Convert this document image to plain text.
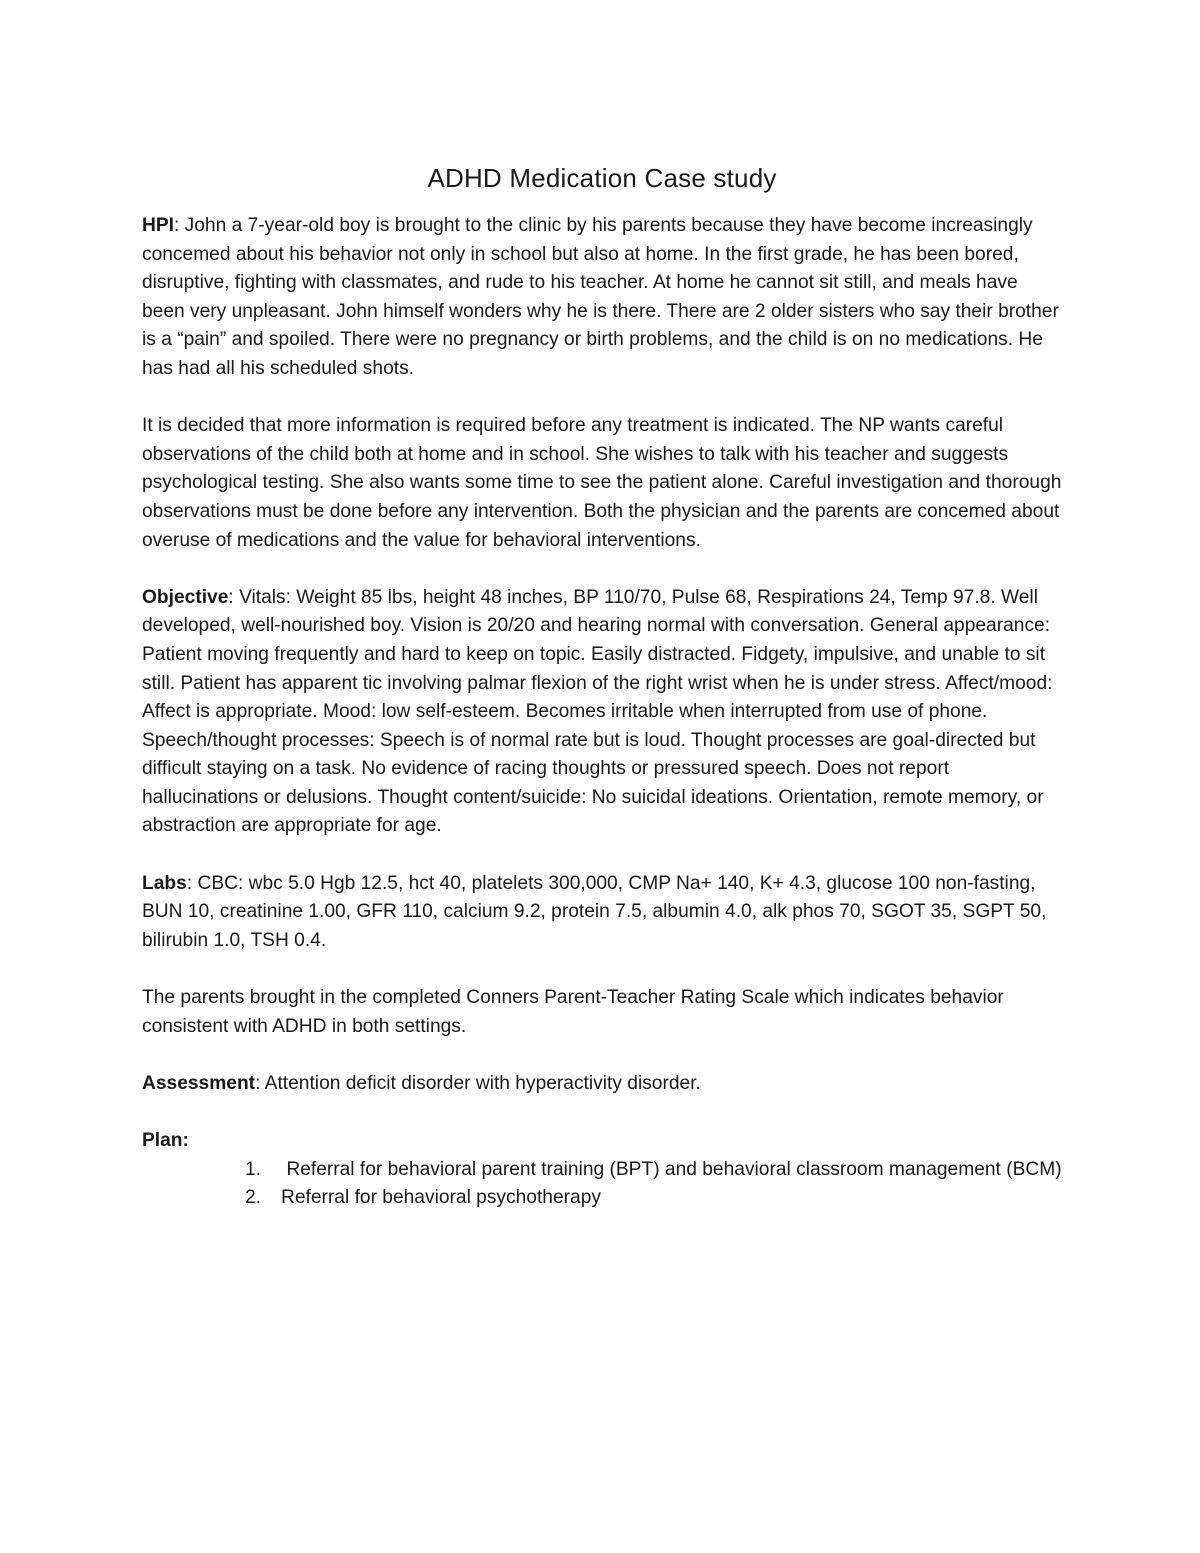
ADHD Medication Case study

HPI: John a 7-year-old boy is brought to the clinic by his parents because they have become increasingly concemed about his behavior not only in school but also at home. In the first grade, he has been bored, disruptive, fighting with classmates, and rude to his teacher. At home he cannot sit still, and meals have been very unpleasant. John himself wonders why he is there. There are 2 older sisters who say their brother is a “pain” and spoiled. There were no pregnancy or birth problems, and the child is on no medications. He has had all his scheduled shots.

It is decided that more information is required before any treatment is indicated. The NP wants careful observations of the child both at home and in school. She wishes to talk with his teacher and suggests psychological testing. She also wants some time to see the patient alone. Careful investigation and thorough observations must be done before any intervention. Both the physician and the parents are concemed about overuse of medications and the value for behavioral interventions.

Objective: Vitals: Weight 85 lbs, height 48 inches, BP 110/70, Pulse 68, Respirations 24, Temp 97.8. Well developed, well-nourished boy. Vision is 20/20 and hearing normal with conversation. General appearance: Patient moving frequently and hard to keep on topic. Easily distracted. Fidgety, impulsive, and unable to sit still. Patient has apparent tic involving palmar flexion of the right wrist when he is under stress. Affect/mood: Affect is appropriate. Mood: low self-esteem. Becomes irritable when interrupted from use of phone. Speech/thought processes: Speech is of normal rate but is loud. Thought processes are goal-directed but difficult staying on a task. No evidence of racing thoughts or pressured speech. Does not report hallucinations or delusions. Thought content/suicide: No suicidal ideations. Orientation, remote memory, or abstraction are appropriate for age.

Labs: CBC: wbc 5.0 Hgb 12.5, hct 40, platelets 300,000, CMP Na+ 140, K+ 4.3, glucose 100 non-fasting, BUN 10, creatinine 1.00, GFR 110, calcium 9.2, protein 7.5, albumin 4.0, alk phos 70, SGOT 35, SGPT 50, bilirubin 1.0, TSH 0.4.

The parents brought in the completed Conners Parent-Teacher Rating Scale which indicates behavior consistent with ADHD in both settings.

Assessment: Attention deficit disorder with hyperactivity disorder.

Plan:

1.	Referral for behavioral parent training (BPT) and behavioral classroom management (BCM)
2.	Referral for behavioral psychotherapy
